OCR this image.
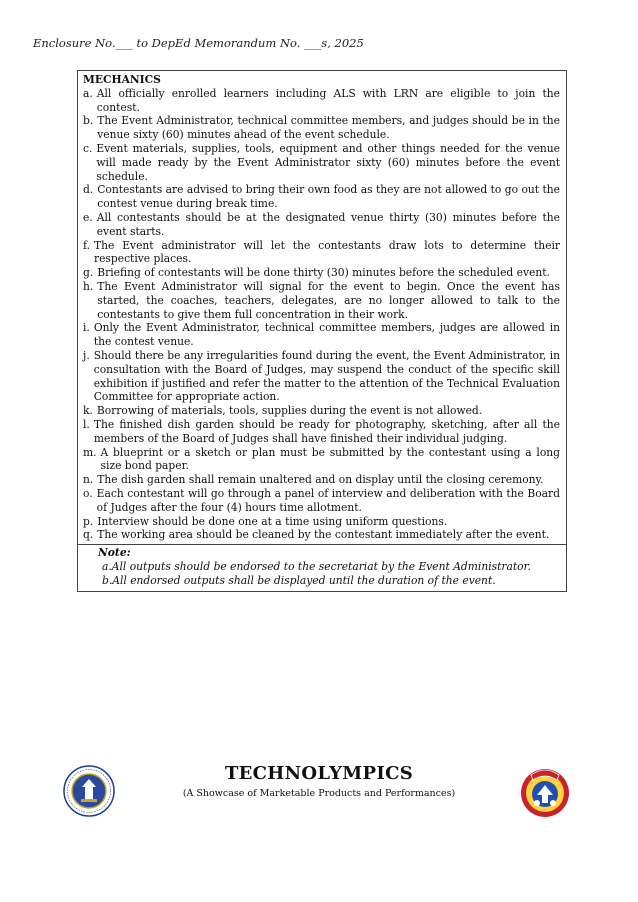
Enclosure No.___ to DepEd Memorandum No. ___s, 2025
MECHANICS
a. All officially enrolled learners including ALS with LRN are eligible to join the contest.
b. The Event Administrator, technical committee members, and judges should be in the venue sixty (60) minutes ahead of the event schedule.
c. Event materials, supplies, tools, equipment and other things needed for the venue will made ready by the Event Administrator sixty (60) minutes before the event schedule.
d. Contestants are advised to bring their own food as they are not allowed to go out the contest venue during break time.
e. All contestants should be at the designated venue thirty (30) minutes before the event starts.
f. The Event administrator will let the contestants draw lots to determine their respective places.
g. Briefing of contestants will be done thirty (30) minutes before the scheduled event.
h. The Event Administrator will signal for the event to begin. Once the event has started, the coaches, teachers, delegates, are no longer allowed to talk to the contestants to give them full concentration in their work.
i. Only the Event Administrator, technical committee members, judges are allowed in the contest venue.
j. Should there be any irregularities found during the event, the Event Administrator, in consultation with the Board of Judges, may suspend the conduct of the specific skill exhibition if justified and refer the matter to the attention of the Technical Evaluation Committee for appropriate action.
k. Borrowing of materials, tools, supplies during the event is not allowed.
l. The finished dish garden should be ready for photography, sketching, after all the members of the Board of Judges shall have finished their individual judging.
m. A blueprint or a sketch or plan must be submitted by the contestant using a long size bond paper.
n. The dish garden shall remain unaltered and on display until the closing ceremony.
o. Each contestant will go through a panel of interview and deliberation with the Board of Judges after the four (4) hours time allotment.
p. Interview should be done one at a time using uniform questions.
q. The working area should be cleaned by the contestant immediately after the event.
Note:
a.All outputs should be endorsed to the secretariat by the Event Administrator.
b.All endorsed outputs shall be displayed until the duration of the event.
TECHNOLYMPICS
(A Showcase of Marketable Products and Performances)
